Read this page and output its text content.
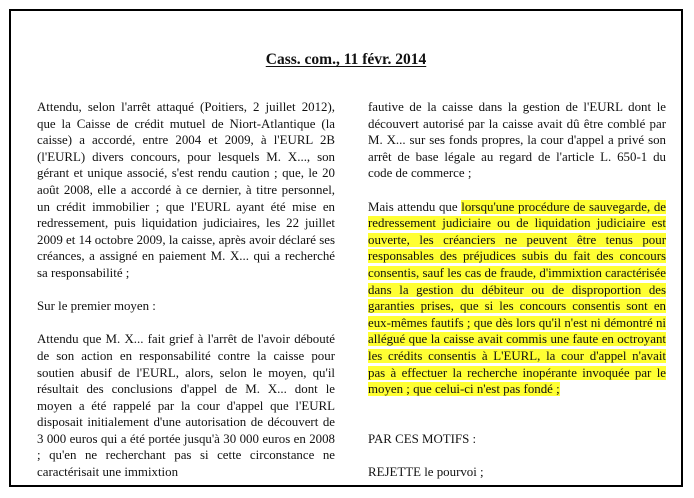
Cass. com., 11 févr. 2014

Attendu, selon l'arrêt attaqué (Poitiers, 2 juillet 2012), que la Caisse de crédit mutuel de Niort-Atlantique (la caisse) a accordé, entre 2004 et 2009, à l'EURL 2B (l'EURL) divers concours, pour lesquels M. X..., son gérant et unique associé, s'est rendu caution ; que, le 20 août 2008, elle a accordé à ce dernier, à titre personnel, un crédit immobilier ; que l'EURL ayant été mise en redressement, puis liquidation judiciaires, les 22 juillet 2009 et 14 octobre 2009, la caisse, après avoir déclaré ses créances, a assigné en paiement M. X... qui a recherché sa responsabilité ;

Sur le premier moyen :

Attendu que M. X... fait grief à l'arrêt de l'avoir débouté de son action en responsabilité contre la caisse pour soutien abusif de l'EURL, alors, selon le moyen, qu'il résultait des conclusions d'appel de M. X... dont le moyen a été rappelé par la cour d'appel que l'EURL disposait initialement d'une autorisation de découvert de 3 000 euros qui a été portée jusqu'à 30 000 euros en 2008 ; qu'en ne recherchant pas si cette circonstance ne caractérisait une immixtion

fautive de la caisse dans la gestion de l'EURL dont le découvert autorisé par la caisse avait dû être comblé par M. X... sur ses fonds propres, la cour d'appel a privé son arrêt de base légale au regard de l'article L. 650-1 du code de commerce ;

Mais attendu que lorsqu'une procédure de sauvegarde, de redressement judiciaire ou de liquidation judiciaire est ouverte, les créanciers ne peuvent être tenus pour responsables des préjudices subis du fait des concours consentis, sauf les cas de fraude, d'immixtion caractérisée dans la gestion du débiteur ou de disproportion des garanties prises, que si les concours consentis sont en eux-mêmes fautifs ; que dès lors qu'il n'est ni démontré ni allégué que la caisse avait commis une faute en octroyant les crédits consentis à L'EURL, la cour d'appel n'avait pas à effectuer la recherche inopérante invoquée par le moyen ; que celui-ci n'est pas fondé ;

PAR CES MOTIFS :

REJETTE le pourvoi ;
